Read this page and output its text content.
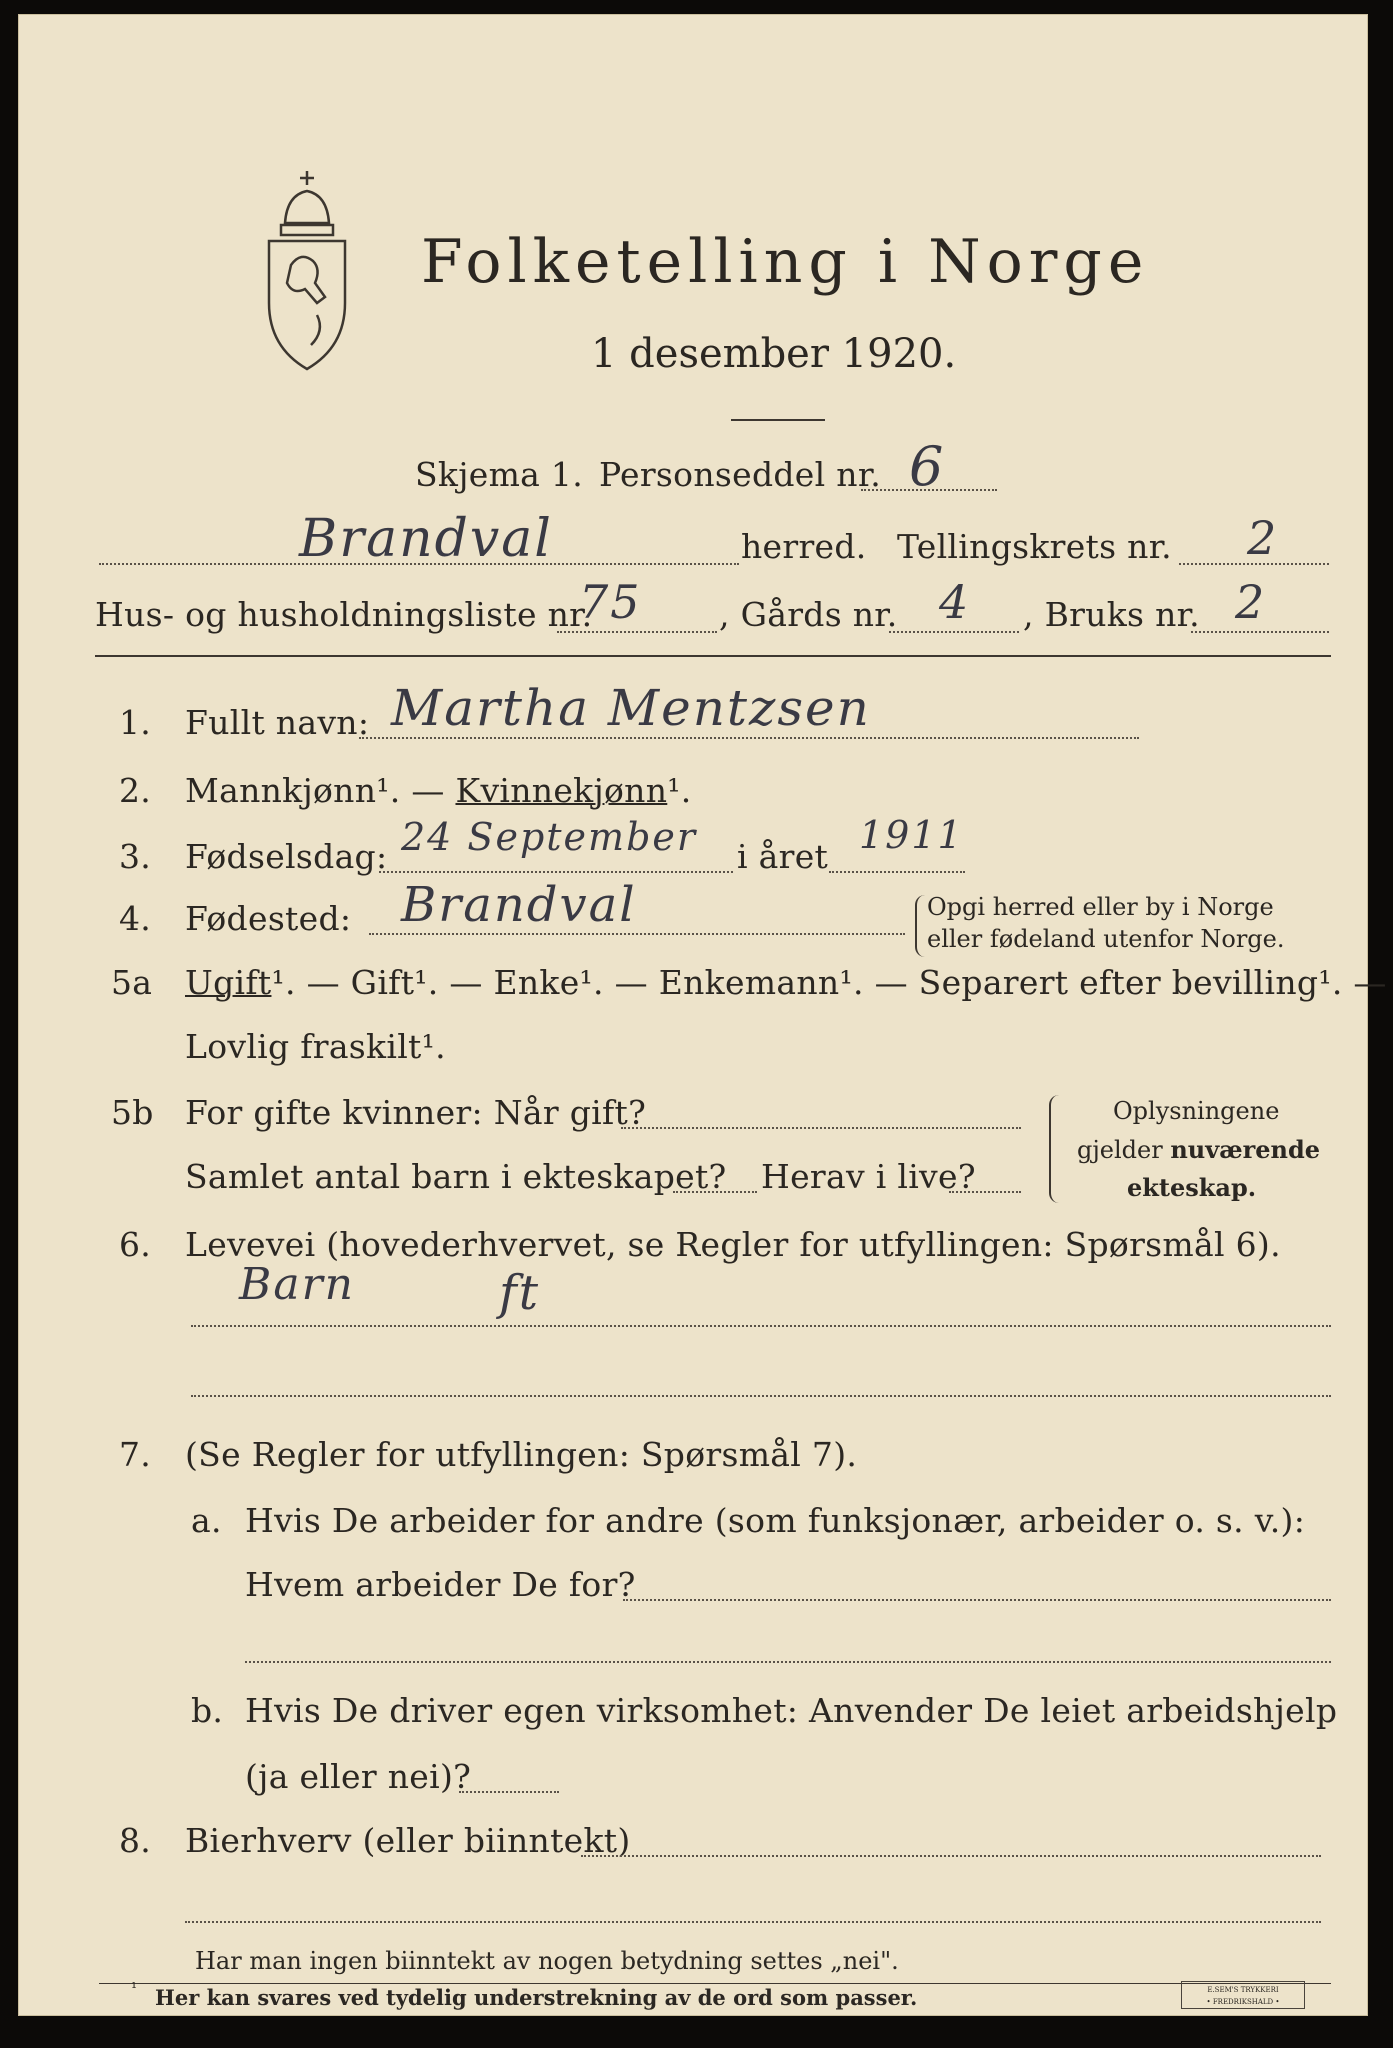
Folketelling i Norge
1 desember 1920.
Skjema 1. Personseddel nr. 6
Brandval	herred. Tellingskrets nr. 2
Hus- og husholdningsliste nr.
75 , Gårds nr. 4 , Bruks nr. 2
1. Fullt navn: Martha Mentzsen
2. Mannkjønn¹. — Kvinnekjønn¹.
3. Fødselsdag: 24 September i året 1911
4. Fødested: Brandval	Opgi herred eller by i Norge
eller fødeland utenfor Norge.
5a Ugift¹. — Gift¹. — Enke¹. — Enkemann¹. — Separert efter bevilling¹. —
Lovlig fraskilt¹.
5b For gifte kvinner: Når gift?
Samlet antal barn i ekteskapet? Herav i live?
Oplysningene
gjelder nuværende
ekteskap.
6. Levevei (hovederhvervet, se Regler for utfyllingen: Spørsmål 6).
Barn	ft
7. (Se Regler for utfyllingen: Spørsmål 7).
a. Hvis De arbeider for andre (som funksjonær, arbeider o. s. v.):
Hvem arbeider De for?
b. Hvis De driver egen virksomhet: Anvender De leiet arbeidshjelp
(ja eller nei)?
8. Bierhverv (eller biinntekt)
Har man ingen biinntekt av nogen betydning settes „nei".
¹ Her kan svares ved tydelig understrekning av de ord som passer.	E.SEM'S TRYKKERI
• FREDRIKSHALD •
